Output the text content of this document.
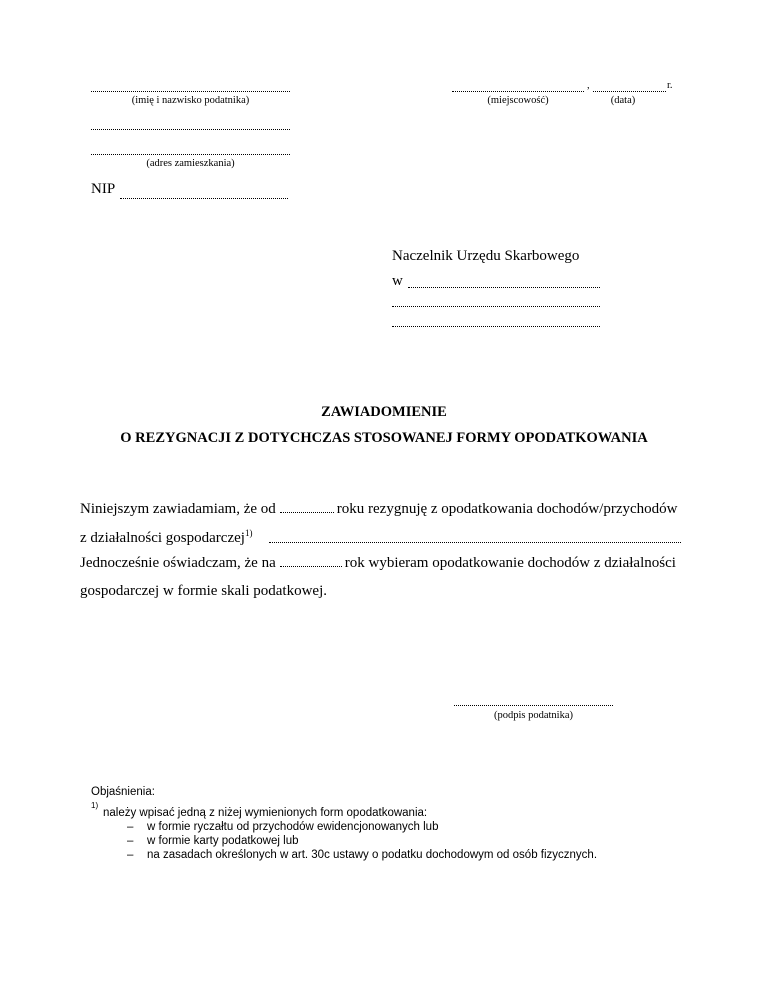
(imię i nazwisko podatnika)
,	r.
(miejscowość)	(data)
(adres zamieszkania)
NIP
Naczelnik Urzędu Skarbowego
w
ZAWIADOMIENIE
O REZYGNACJI Z DOTYCHCZAS STOSOWANEJ FORMY OPODATKOWANIA
Niniejszym zawiadamiam, że od	roku rezygnuję z opodatkowania dochodów/przychodów
z działalności gospodarczej$^{1)}$
Jednocześnie oświadczam, że na	rok wybieram opodatkowanie dochodów z działalności
gospodarczej w formie skali podatkowej.
(podpis podatnika)
Objaśnienia:
1)
należy wpisać jedną z niżej wymienionych form opodatkowania:
– w formie ryczałtu od przychodów ewidencjonowanych lub
– w formie karty podatkowej lub
– na zasadach określonych w art. 30c ustawy o podatku dochodowym od osób fizycznych.
